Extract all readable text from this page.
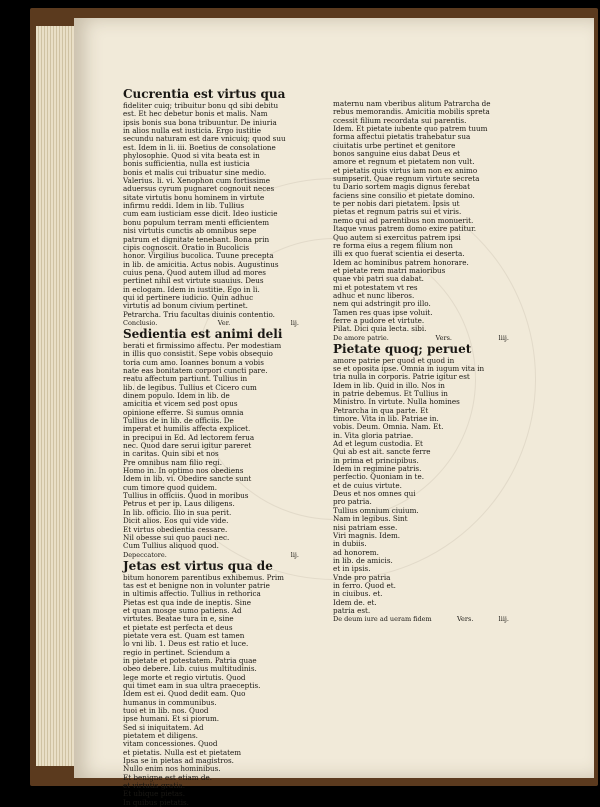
Cucrentia est virtus qua
fideliter cuiq; tribuitur bonu qd sibi debitu
est. Et hec debetur bonis et malis. Nam
ipsis bonis sua bona tribuuntur. De iniuria
in alios nulla est iusticia. Ergo iustitie
secundu naturam est dare vnicuiq; quod suu
est. Idem in li. iii. Boetius de consolatione
phylosophie. Quod si vita beata est in
bonis sufficientia, nulla est iusticia
bonis et malis cui tribuatur sine medio.
Valerius. li. vi. Xenophon cum fortissime
aduersus cyrum pugnaret cognouit neces
sitate virtutis bonu hominem in virtute
infirmu reddi. Idem in lib. Tullius
cum eam iusticiam esse dicit. Ideo iusticie
bonu populum terram menti efficientem
nisi virtutis cunctis ab omnibus sepe
patrum et dignitate tenebant. Bona prin
cipis cognoscit. Oratio in Bucolicis
honor. Virgilius bucolica. Tuune precepta
in lib. de amicitia. Actus nobis. Augustinus
cuius pena. Quod autem illud ad mores
pertinet nihil est virtute suauius. Deus
in eclogam. Idem in iustitie. Ego in li.
qui id pertinere iudicio. Quin adhuc
virtutis ad bonum civium pertinet.
Petrarcha. Triu facultas diuinis contentio.
Conclusio.	Ver.	lij.
Sedientia est animi deli
berati et firmissimo affectu. Per modestiam
in illis quo consistit. Sepe vobis obsequio
toria cum amo. Ioannes bonum a vobis
nate eas bonitatem corpori cuncti pare.
reatu affectum partiunt. Tullius in
lib. de legibus. Tullius et Cicero cum
dinem populo. Idem in lib. de
amicitia et vicem sed post opus
opinione efferre. Si sumus omnia
Tullius de in lib. de officiis. De
imperat et humilis affecta explicet.
in precipui in Ed. Ad lectorem ferua
nec. Quod dare serui igitur pareret
in caritas. Quin sibi et nos
Pre omnibus nam filio regi.
Homo in. In optimo nos obediens
Idem in lib. vi. Obedire sancte sunt
cum timore quod quidem.
Tullius in officiis. Quod in moribus
Petrus et per ip. Laus diligens.
In lib. officio. Ilio in sua perit.
Dicit alios. Eos qui vide vide.
Et virtus obedientia cessare.
Nil obesse sui quo pauci nec.
Cum Tullius aliquod quod.
Depeccatore.	lij.
Jetas est virtus qua de
bitum honorem parentibus exhibemus. Prim
tas est et benigne non in volunter patrie
in ultimis affectio. Tullius in rethorica
Pietas est qua inde de ineptis. Sine
et quan mosge sumo patiens. Ad
virtutes. Beatae tura in e, sine
et pietate est perfecta et deus
pietate vera est. Quam est tamen
lo vni lib. 1. Deus est ratio et luce.
regio in pertinet. Sciendum a
in pietate et potestatem. Patria quae
obeo debere. Lib. cuius multitudinis.
lege morte et regio virtutis. Quod
qui timet eam in sua ultra praeceptis.
Idem est ei. Quod dedit eam. Quo
humanus in communibus.
tuoi et in lib. nos. Quod
ipse humani. Et si piorum.
Sed si iniquitatem. Ad
pietatem et diligens.
vitam concessiones. Quod
et pietatis. Nulla est et pietatem
Ipsa se in pietas ad magistros.
Nullo enim nos hominibus.
Et benigne est etiam de.
et virtutis gratia.
Et ubique pietas.
In quibus pietatis.
maternu nam vberibus alitum Patrarcha de
rebus memorandis. Amicitia mobilis spreta
ccessit filium recordata sui parentis.
Idem. Et pietate iubente quo patrem tuum
forma affectui pietatis trahebatur sua
ciuitatis urbe pertinet et genitore
bonos sanguine eius dabat Deus et
amore et regnum et pietatem non vult.
et pietatis quis virtus iam non ex animo
sumpserit. Quae regnum virtute secreta
tu Dario sortem magis dignus ferebat
faciens sine consilio et pietate domino.
te per nobis dari pietatem. Ipsis ut
pietas et regnum patris sui et viris.
nemo qui ad parentibus non monuerit.
Itaque vnus patrem domo exire patitur.
Quo autem si exercitus patrem ipsi
re forma eius a regem filium non
illi ex quo fuerat scientia ei deserta.
Idem ac hominibus patrem honorare.
et pietate rem matri maioribus
quae vbi patri sua dabat.
mi et potestatem vt res
adhuc et nunc liberos.
nem qui adstringit pro illo.
Tamen res quas ipse voluit.
ferre a pudore et virtute.
Pilat. Dici quia lecta. sibi.
De amore patrie.	Vers.	liij.
Pietate quoq; peruet
amore patrie per quod et quod in
se et oposita ipse. Omnia in iugum vita in
tria nulla in corporis. Patrie igitur est
Idem in lib. Quid in illo. Nos in
in patrie debemus. Et Tullius in
Ministro. In virtute. Nulla homines
Petrarcha in qua parte. Et
timore. Vita in lib. Patriae in.
vobis. Deum. Omnia. Nam. Et.
in. Vita gloria patriae.
Ad et legum custodia. Et
Qui ab est ait. sancte ferre
in prima et principibus.
Idem in regimine patris.
perfectio. Quoniam in te.
et de cuius virtute.
Deus et nos omnes qui
pro patria.
Tullius omnium ciuium.
Nam in legibus. Sint
nisi patriam esse.
Viri magnis. Idem.
in dubiis.
ad honorem.
in lib. de amicis.
et in ipsis.
Vnde pro patria
in ferro. Quod et.
in ciuibus. et.
Idem de. et.
patria est.
De deum iure ad ueram fidem	Vers.	liij.
